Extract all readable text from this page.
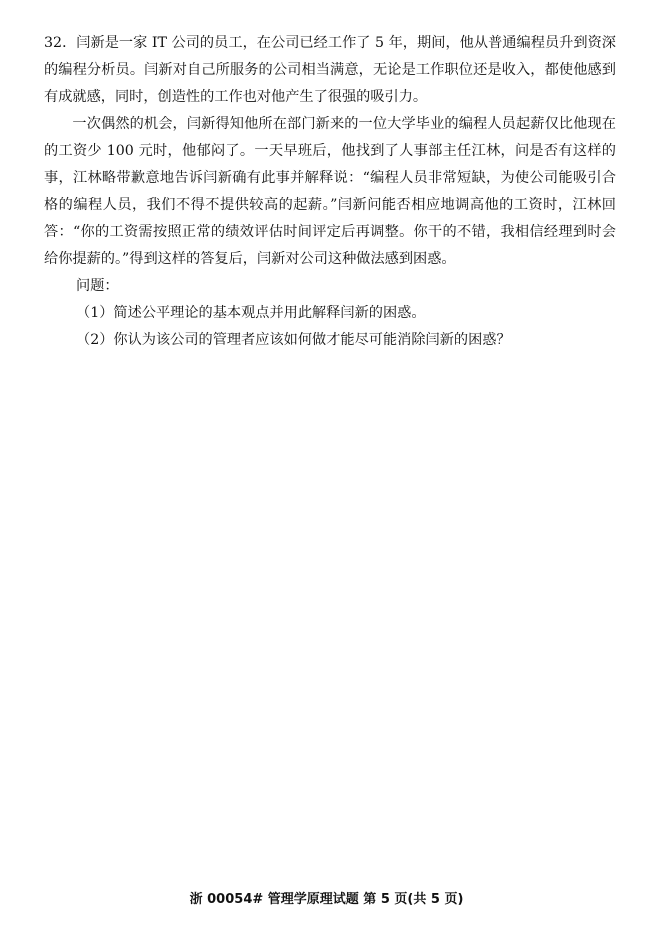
32．闫新是一家 IT 公司的员工，在公司已经工作了 5 年，期间，他从普通编程员升到资深的编程分析员。闫新对自己所服务的公司相当满意，无论是工作职位还是收入，都使他感到有成就感，同时，创造性的工作也对他产生了很强的吸引力。

一次偶然的机会，闫新得知他所在部门新来的一位大学毕业的编程人员起薪仅比他现在的工资少 100 元时，他郁闷了。一天早班后，他找到了人事部主任江林，问是否有这样的事，江林略带歉意地告诉闫新确有此事并解释说：“编程人员非常短缺，为使公司能吸引合格的编程人员，我们不得不提供较高的起薪。”闫新问能否相应地调高他的工资时，江林回答：“你的工资需按照正常的绩效评估时间评定后再调整。你干的不错，我相信经理到时会给你提薪的。”得到这样的答复后，闫新对公司这种做法感到困惑。

问题：

（1）简述公平理论的基本观点并用此解释闫新的困惑。

（2）你认为该公司的管理者应该如何做才能尽可能消除闫新的困惑？

浙 00054# 管理学原理试题 第 5 页(共 5 页)
